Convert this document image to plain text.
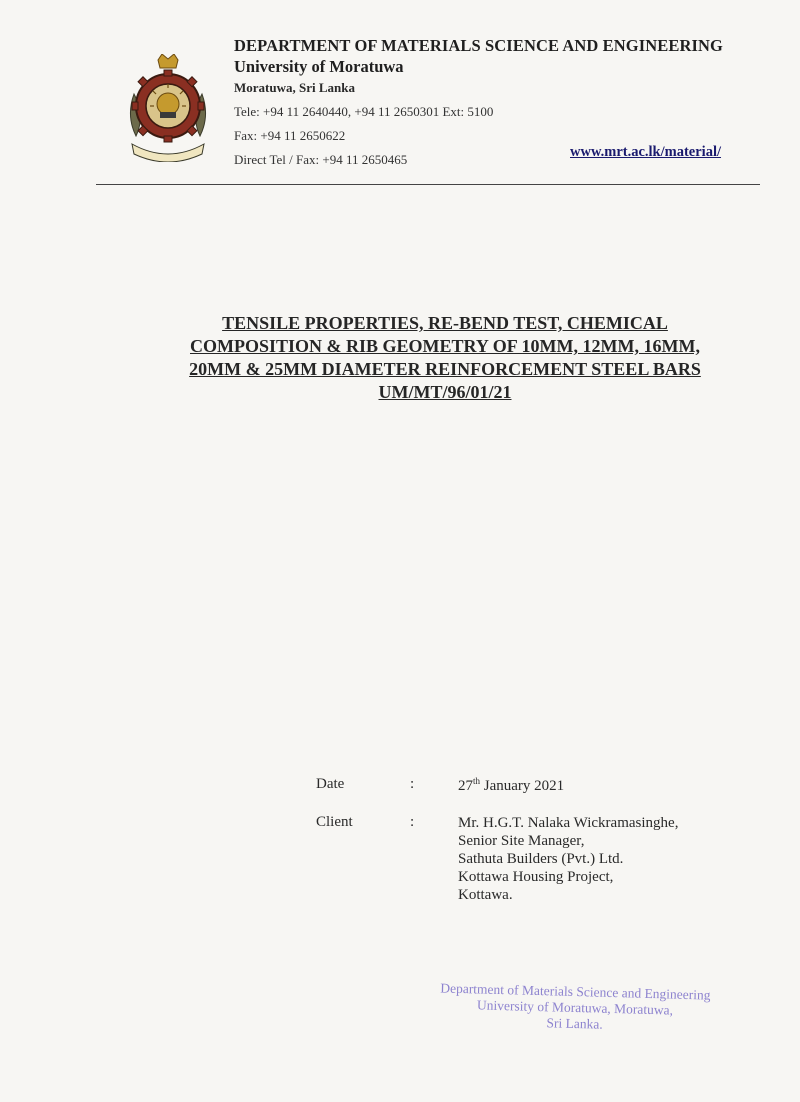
DEPARTMENT OF MATERIALS SCIENCE AND ENGINEERING
University of Moratuwa
Moratuwa, Sri Lanka
Tele: +94 11 2640440, +94 11 2650301 Ext: 5100
Fax: +94 11 2650622
Direct Tel / Fax: +94 11 2650465	www.mrt.ac.lk/material/
TENSILE PROPERTIES, RE-BEND TEST, CHEMICAL
COMPOSITION & RIB GEOMETRY OF 10MM, 12MM, 16MM,
20MM & 25MM DIAMETER REINFORCEMENT STEEL BARS
UM/MT/96/01/21
Date	:	27th January 2021
Client	:	Mr. H.G.T. Nalaka Wickramasinghe,
Senior Site Manager,
Sathuta Builders (Pvt.) Ltd.
Kottawa Housing Project,
Kottawa.
Department of Materials Science and Engineering
University of Moratuwa, Moratuwa,
Sri Lanka.
